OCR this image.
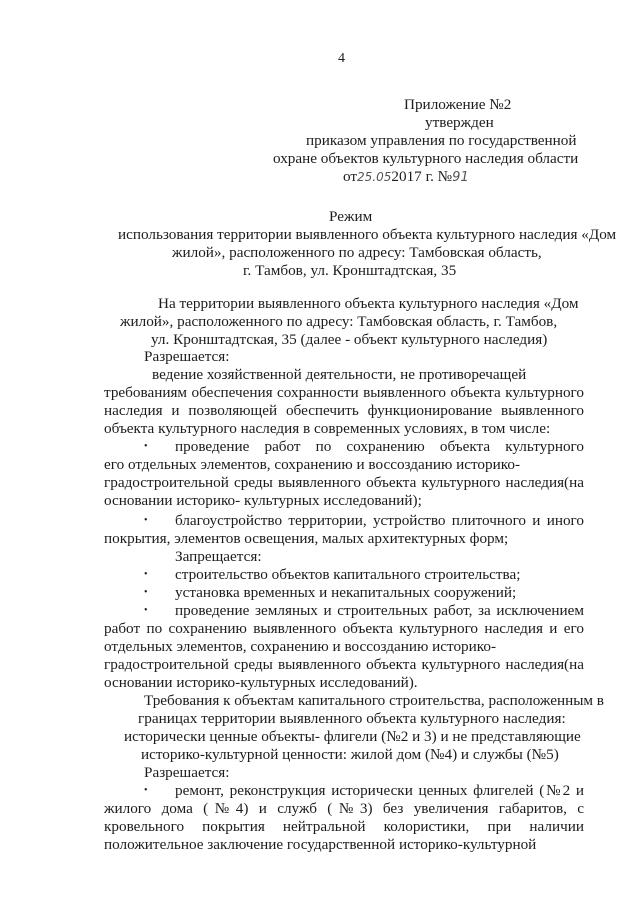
4
Приложение №2
утвержден
приказом управления по государственной
охране объектов культурного наследия области
от25.052017 г. №91
Режим
использования территории выявленного объекта культурного наследия «Дом
жилой», расположенного по адресу: Тамбовская область,
г. Тамбов, ул. Кронштадтская, 35
На территории выявленного объекта культурного наследия «Дом
жилой», расположенного по адресу: Тамбовская область, г. Тамбов,
ул. Кронштадтская, 35 (далее - объект культурного наследия)
Разрешается:
ведение хозяйственной деятельности, не противоречащей
требованиям обеспечения сохранности выявленного объекта культурного
наследия и позволяющей обеспечить функционирование выявленного
объекта культурного наследия в современных условиях, в том числе:
• проведение работ по сохранению объекта культурного
его отдельных элементов, сохранению и воссозданию историко-
градостроительной среды выявленного объекта культурного наследия(на
основании историко- культурных исследований);
• благоустройство территории, устройство плиточного и иного
покрытия, элементов освещения, малых архитектурных форм;
Запрещается:
• строительство объектов капитального строительства;
• установка временных и некапитальных сооружений;
• проведение земляных и строительных работ, за исключением
работ по сохранению выявленного объекта культурного наследия и его
отдельных элементов, сохранению и воссозданию историко-
градостроительной среды выявленного объекта культурного наследия(на
основании историко-культурных исследований).
Требования к объектам капитального строительства, расположенным в
границах территории выявленного объекта культурного наследия:
исторически ценные объекты- флигели (№2 и 3) и не представляющие
историко-культурной ценности: жилой дом (№4) и службы (№5)
Разрешается:
• ремонт, реконструкция исторически ценных флигелей (№2 и
жилого дома (№4) и служб (№3) без увеличения габаритов, с
кровельного покрытия нейтральной колористики, при наличии
положительное заключение государственной историко-культурной
